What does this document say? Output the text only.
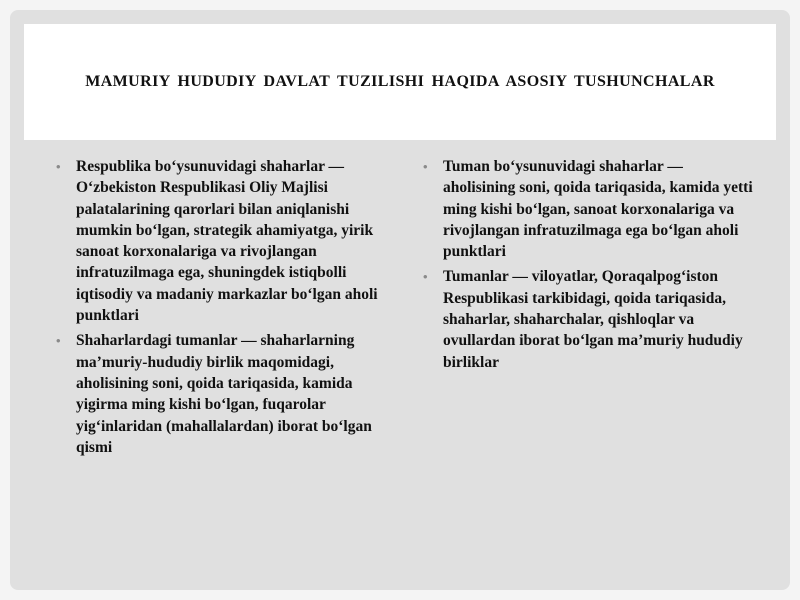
MAMURIY HUDUDIY DAVLAT TUZILISHI HAQIDA ASOSIY TUSHUNCHALAR
• Respublika bo‘ysunuvidagi shaharlar — O‘zbekiston Respublikasi Oliy Majlisi palatalarining qarorlari bilan aniqlanishi mumkin bo‘lgan, strategik ahamiyatga, yirik sanoat korxonalariga va rivojlangan infratuzilmaga ega, shuningdek istiqbolli iqtisodiy va madaniy markazlar bo‘lgan aholi punktlari
• Shaharlardagi tumanlar — shaharlarning ma’muriy-hududiy birlik maqomidagi, aholisining soni, qoida tariqasida, kamida yigirma ming kishi bo‘lgan, fuqarolar yig‘inlaridan (mahallalardan) iborat bo‘lgan qismi
• Tuman bo‘ysunuvidagi shaharlar — aholisining soni, qoida tariqasida, kamida yetti ming kishi bo‘lgan, sanoat korxonalariga va rivojlangan infratuzilmaga ega bo‘lgan aholi punktlari
• Tumanlar — viloyatlar, Qoraqalpog‘iston Respublikasi tarkibidagi, qoida tariqasida, shaharlar, shaharchalar, qishloqlar va ovullardan iborat bo‘lgan ma’muriy hududiy birliklar
